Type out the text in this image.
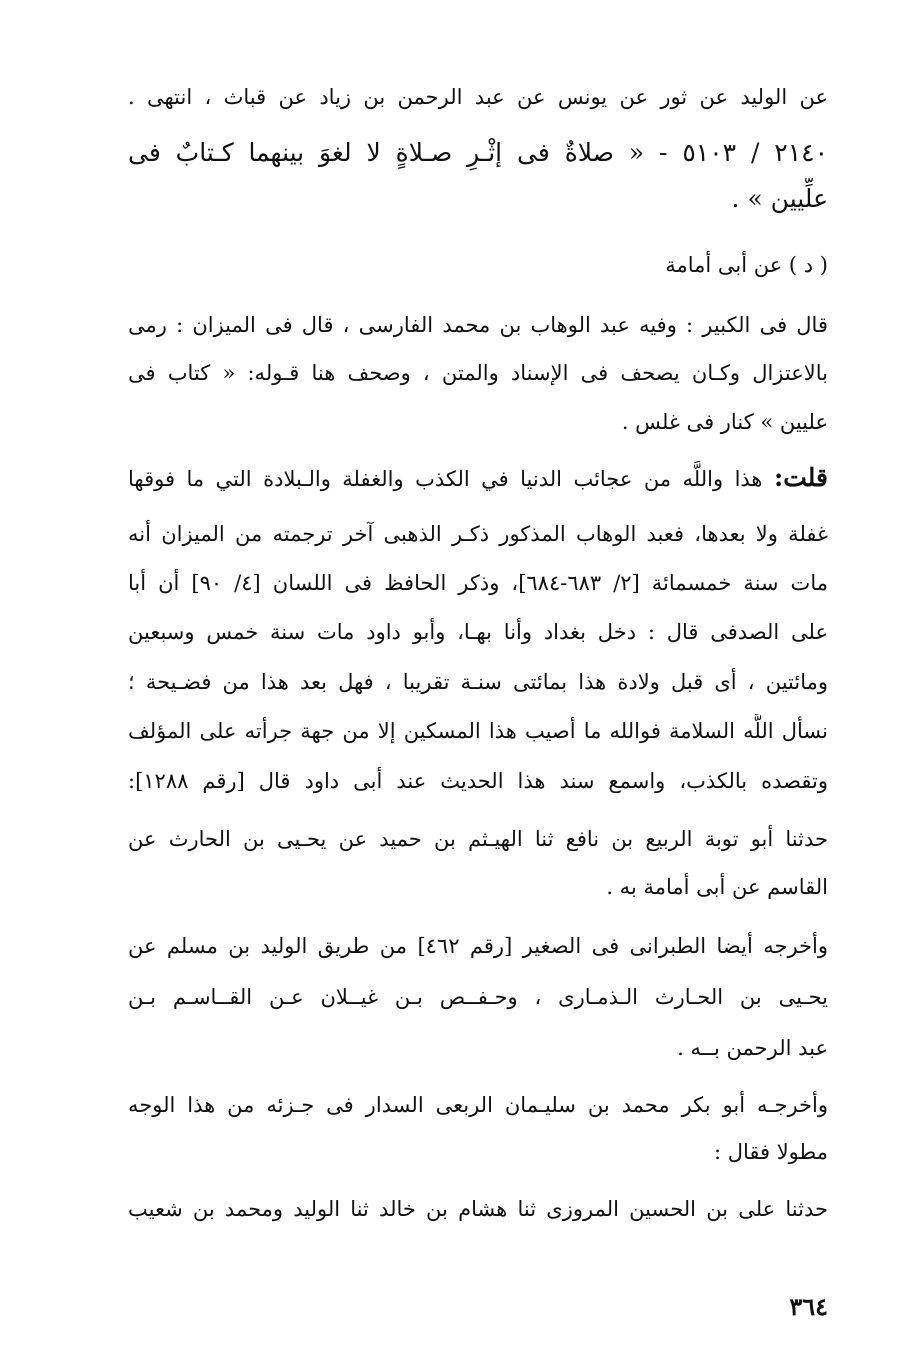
عن الوليد عن ثور عن يونس عن عبد الرحمن بن زياد عن قباث ، انتهى .
٢١٤٠ / ٥١٠٣ - « صلاةٌ فى إثْـرِ صـلاةٍ لا لغوَ بينهما كـتابٌ فى
علِّيين » .
( د ) عن أبى أمامة
قال فى الكبير : وفيه عبد الوهاب بن محمد الفارسى ، قال فى الميزان : رمى
بالاعتزال وكـان يصحف فى الإسناد والمتن ، وصحف هنا قـوله: « كتاب فى
عليين » كنار فى غلس .
قلت: هذا واللَّه من عجائب الدنيا في الكذب والغفلة والـبلادة التي ما فوقها
غفلة ولا بعدها، فعبد الوهاب المذكور ذكـر الذهبى آخر ترجمته من الميزان أنه
مات سنة خمسمائة [٢/ ٦٨٣-٦٨٤]، وذكر الحافظ فى اللسان [٤/ ٩٠] أن أبا
على الصدفى قال : دخل بغداد وأنا بهـا، وأبو داود مات سنة خمس وسبعين
ومائتين ، أى قبل ولادة هذا بمائتى سنـة تقريبا ، فهل بعد هذا من فضـيحة ؛
نسأل اللَّه السلامة فوالله ما أصيب هذا المسكين إلا من جهة جرأته على المؤلف
وتقصده بالكذب، واسمع سند هذا الحديث عند أبى داود قال [رقم ١٢٨٨]:
حدثنا أبو توبة الربيع بن نافع ثنا الهيـثم بن حميد عن يحـيى بن الحارث عن
القاسم عن أبى أمامة به .
وأخرجه أيضا الطبرانى فى الصغير [رقم ٤٦٢] من طريق الوليد بن مسلم عن
يحـيى بن الحـارث الـذمـارى ، وحـفــص بـن غيــلان عـن القــاسـم بـن
عبد الرحمن بــه .
وأخرجـه أبو بكر محمد بن سليـمان الربعى السدار فى جـزئه من هذا الوجه
مطولا فقال :
حدثنا على بن الحسين المروزى ثنا هشام بن خالد ثنا الوليد ومحمد بن شعيب
٣٦٤
